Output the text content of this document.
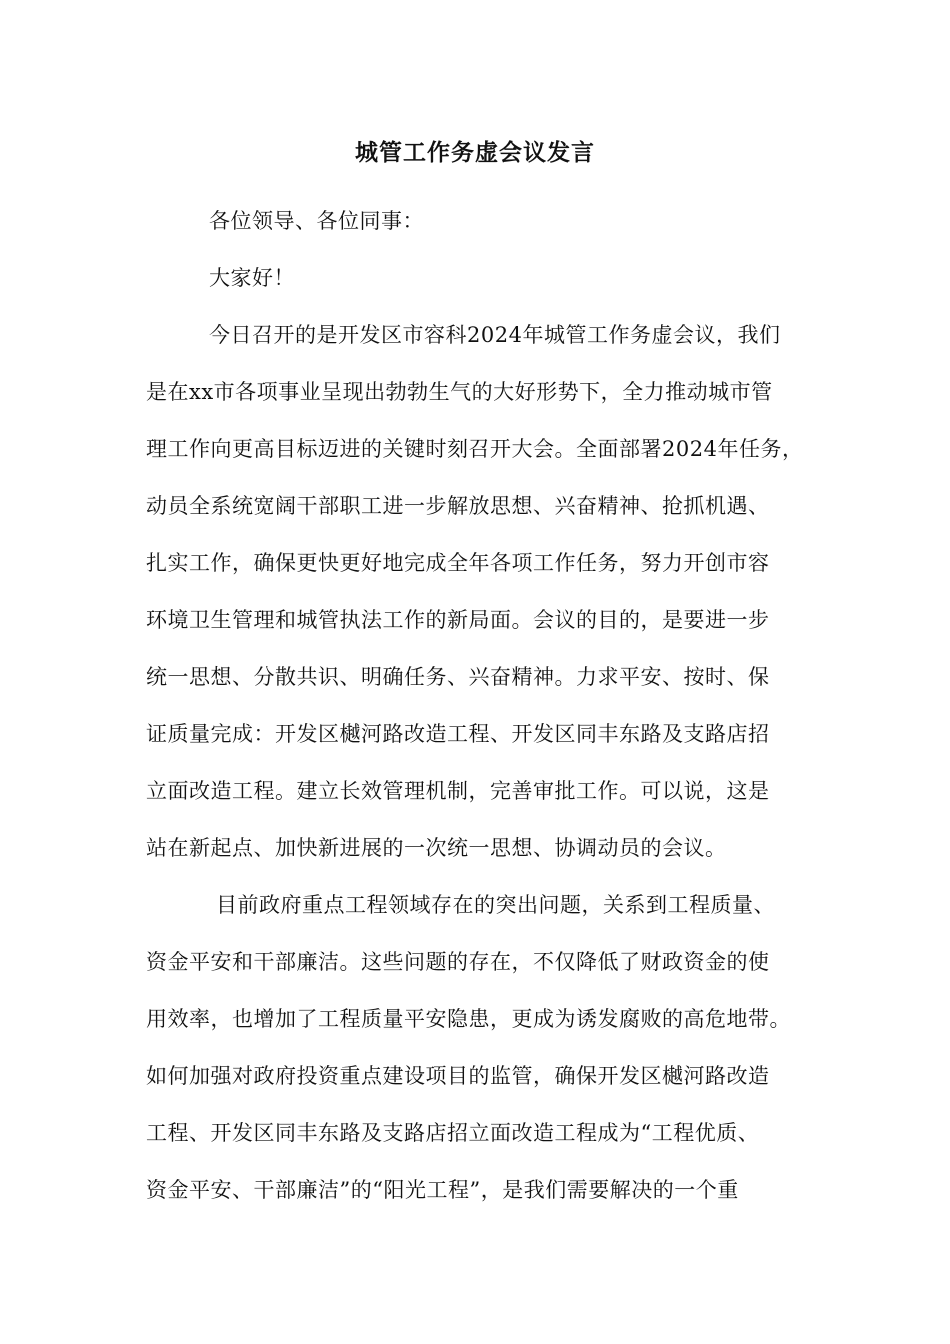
城管工作务虚会议发言
各位领导、各位同事：
大家好！
今日召开的是开发区市容科2024年城管工作务虚会议，我们
是在xx市各项事业呈现出勃勃生气的大好形势下，全力推动城市管
理工作向更高目标迈进的关键时刻召开大会。全面部署2024年任务，
动员全系统宽阔干部职工进一步解放思想、兴奋精神、抢抓机遇、
扎实工作，确保更快更好地完成全年各项工作任务，努力开创市容
环境卫生管理和城管执法工作的新局面。会议的目的，是要进一步
统一思想、分散共识、明确任务、兴奋精神。力求平安、按时、保
证质量完成：开发区樾河路改造工程、开发区同丰东路及支路店招
立面改造工程。建立长效管理机制，完善审批工作。可以说，这是
站在新起点、加快新进展的一次统一思想、协调动员的会议。
目前政府重点工程领域存在的突出问题，关系到工程质量、
资金平安和干部廉洁。这些问题的存在，不仅降低了财政资金的使
用效率，也增加了工程质量平安隐患，更成为诱发腐败的高危地带。
如何加强对政府投资重点建设项目的监管，确保开发区樾河路改造
工程、开发区同丰东路及支路店招立面改造工程成为“工程优质、
资金平安、干部廉洁”的“阳光工程”，是我们需要解决的一个重
